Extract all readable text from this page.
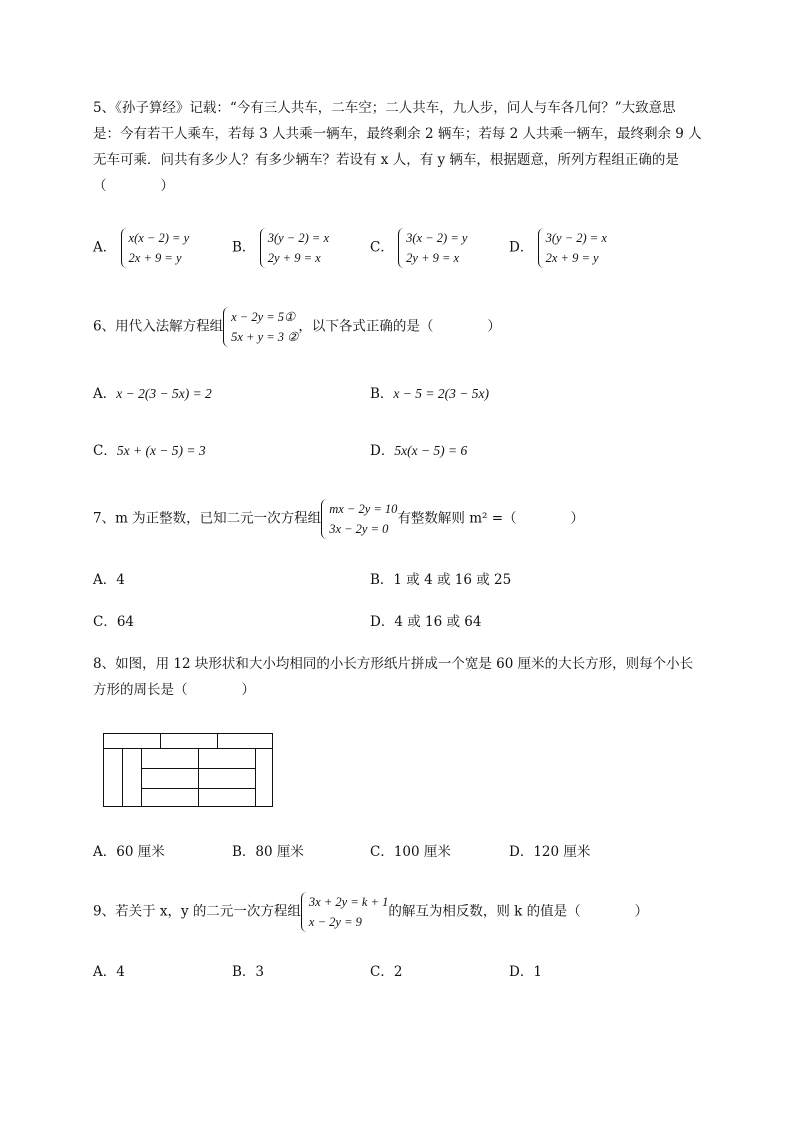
5、《孙子算经》记载：“今有三人共车，二车空；二人共车，九人步，问人与车各几何？”大致意思
是：今有若干人乘车，若每 3 人共乘一辆车，最终剩余 2 辆车；若每 2 人共乘一辆车，最终剩余 9 人
无车可乘．问共有多少人？有多少辆车？若设有 x 人，有 y 辆车，根据题意，所列方程组正确的是
（　　　　）
A．
x(x − 2) = y
2x + 9 = y
B．
3(y − 2) = x
2y + 9 = x
C．
3(x − 2) = y
2y + 9 = x
D．
3(y − 2) = x
2x + 9 = y
6、用代入法解方程组
x − 2y = 5①
5x + y = 3 ②
，以下各式正确的是（　　　　）
A．x − 2(3 − 5x) = 2	B．x − 5 = 2(3 − 5x)
C．5x + (x − 5) = 3	D．5x(x − 5) = 6
7、m 为正整数，已知二元一次方程组
mx − 2y = 10
3x − 2y = 0
有整数解则 m² =（　　　　）
A．4	B．1 或 4 或 16 或 25
C．64	D．4 或 16 或 64
8、如图，用 12 块形状和大小均相同的小长方形纸片拼成一个宽是 60 厘米的大长方形，则每个小长
方形的周长是（　　　　）
A．60 厘米	B．80 厘米	C．100 厘米	D．120 厘米
9、若关于 x，y 的二元一次方程组
3x + 2y = k + 1
x − 2y = 9
的解互为相反数，则 k 的值是（　　　　）
A．4	B．3	C．2	D．1
